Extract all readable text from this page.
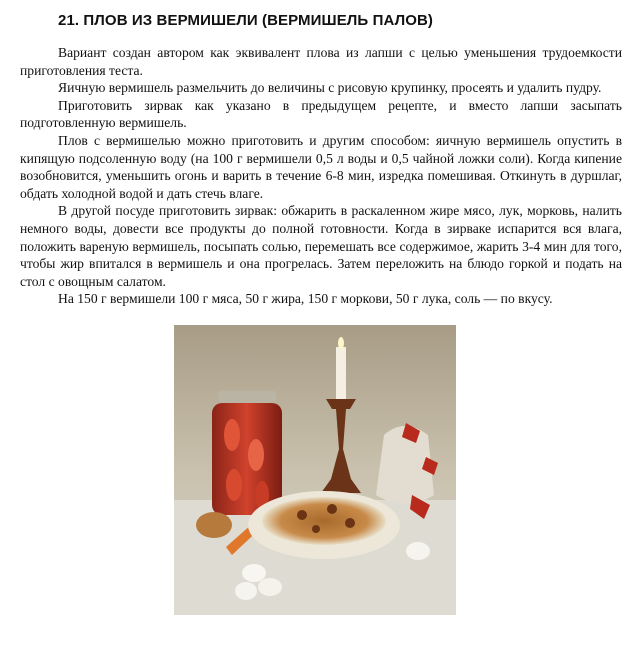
21. ПЛОВ ИЗ ВЕРМИШЕЛИ (ВЕРМИШЕЛЬ ПАЛОВ)

Вариант создан автором как эквивалент плова из лапши с целью уменьшения трудоемкости приготовления теста.

Яичную вермишель размельчить до величины с рисовую крупинку, просеять и удалить пудру.

Приготовить зирвак как указано в предыдущем рецепте, и вместо лапши засыпать подготовленную вермишель.

Плов с вермишелью можно приготовить и другим способом: яичную вермишель опустить в кипящую подсоленную воду (на 100 г вермишели 0,5 л воды и 0,5 чайной ложки соли). Когда кипение возобновится, уменьшить огонь и варить в течение 6-8 мин, изредка помешивая. Откинуть в дуршлаг, обдать холодной водой и дать стечь влаге.

В другой посуде приготовить зирвак: обжарить в раскаленном жире мясо, лук, морковь, налить немного воды, довести все продукты до полной готовности. Когда в зирваке испарится вся влага, положить вареную вермишель, посыпать солью, перемешать все содержимое, жарить 3-4 мин для того, чтобы жир впитался в вермишель и она прогрелась. Затем переложить на блюдо горкой и подать на стол с овощным салатом.

На 150 г вермишели 100 г мяса, 50 г жира, 150 г моркови, 50 г лука, соль — по вкусу.
